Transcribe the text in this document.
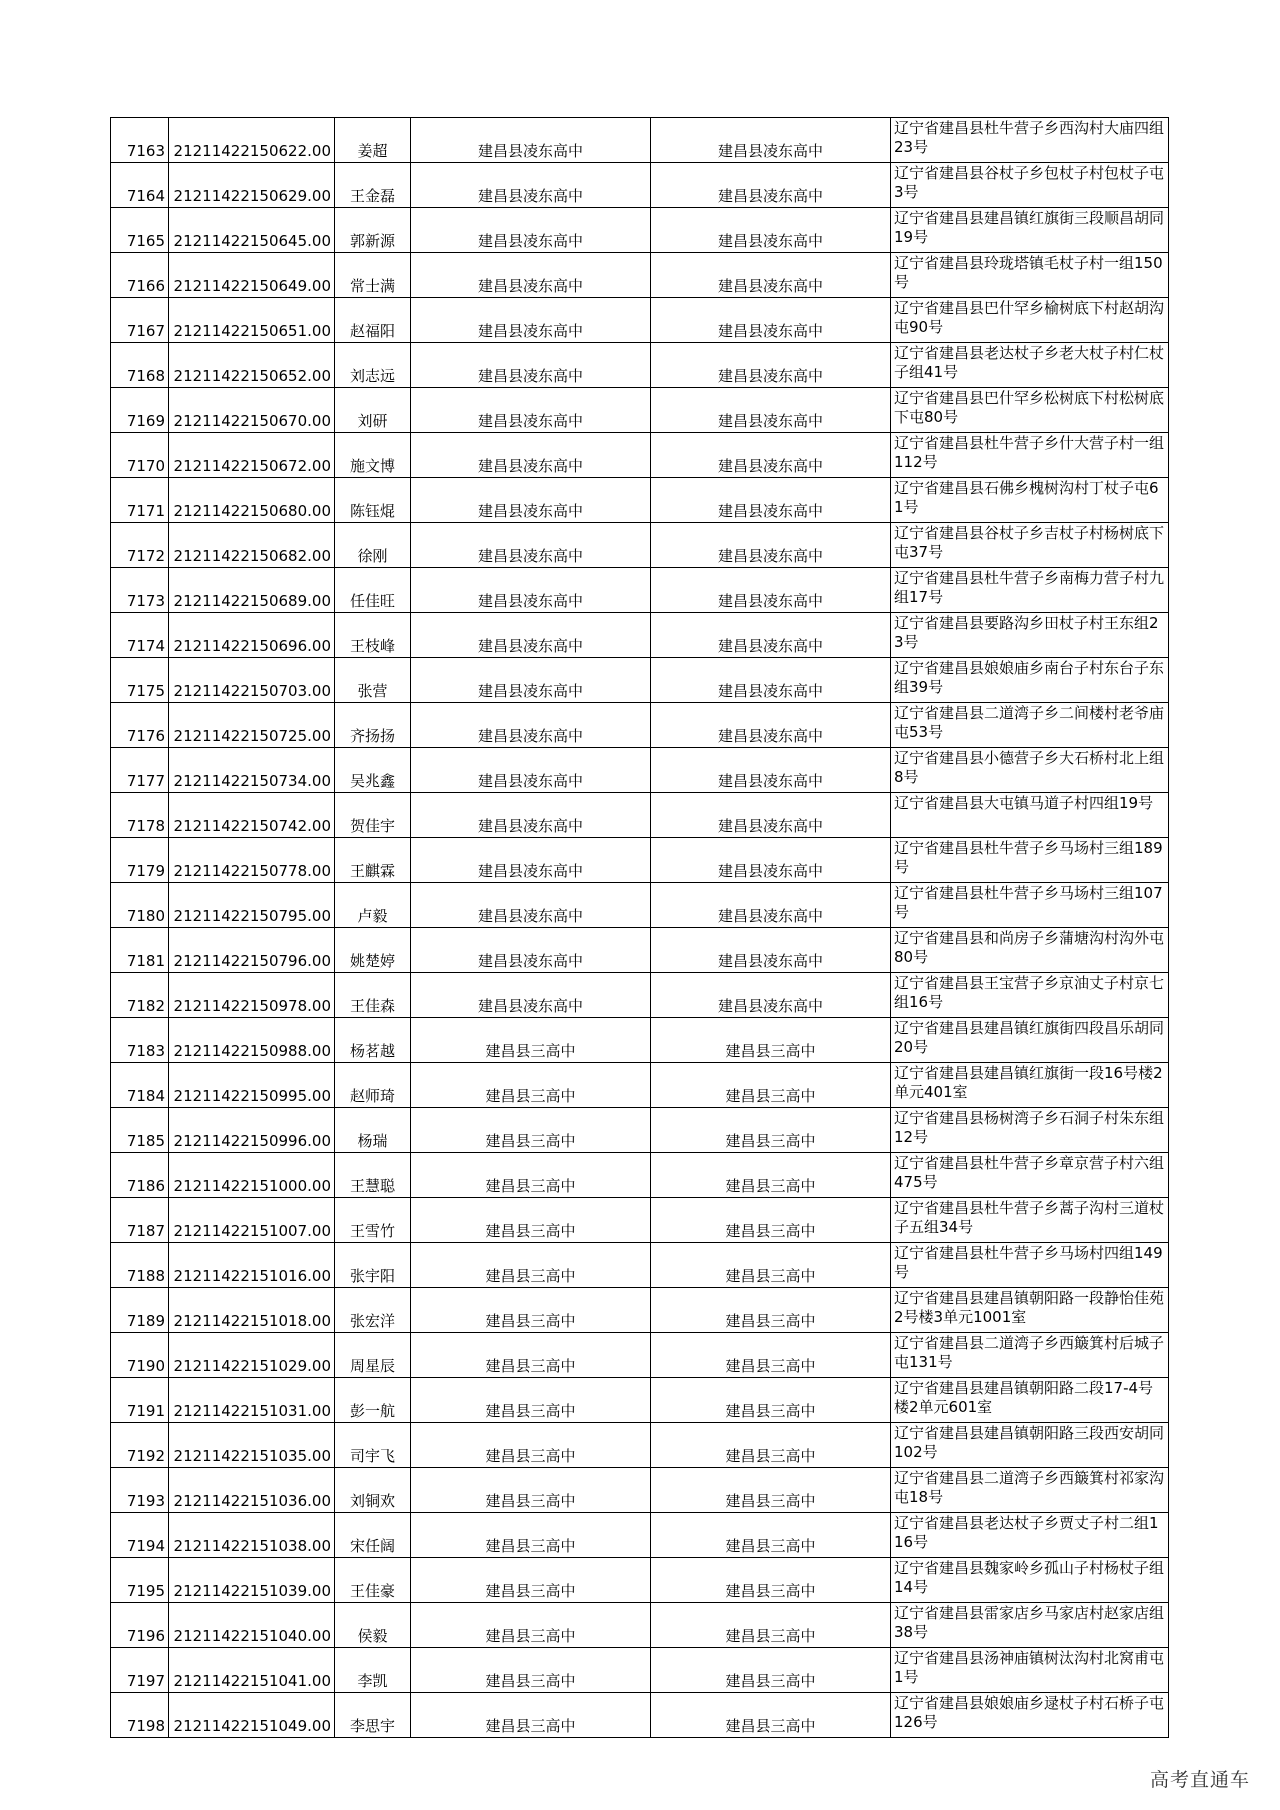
7163	21211422150622.00	姜超	建昌县凌东高中	建昌县凌东高中	辽宁省建昌县杜牛营子乡西沟村大庙四组23号
7164	21211422150629.00	王金磊	建昌县凌东高中	建昌县凌东高中	辽宁省建昌县谷杖子乡包杖子村包杖子屯3号
7165	21211422150645.00	郭新源	建昌县凌东高中	建昌县凌东高中	辽宁省建昌县建昌镇红旗街三段顺昌胡同19号
7166	21211422150649.00	常士满	建昌县凌东高中	建昌县凌东高中	辽宁省建昌县玲珑塔镇毛杖子村一组150号
7167	21211422150651.00	赵福阳	建昌县凌东高中	建昌县凌东高中	辽宁省建昌县巴什罕乡榆树底下村赵胡沟屯90号
7168	21211422150652.00	刘志远	建昌县凌东高中	建昌县凌东高中	辽宁省建昌县老达杖子乡老大杖子村仁杖子组41号
7169	21211422150670.00	刘研	建昌县凌东高中	建昌县凌东高中	辽宁省建昌县巴什罕乡松树底下村松树底下屯80号
7170	21211422150672.00	施文博	建昌县凌东高中	建昌县凌东高中	辽宁省建昌县杜牛营子乡什大营子村一组112号
7171	21211422150680.00	陈钰焜	建昌县凌东高中	建昌县凌东高中	辽宁省建昌县石佛乡槐树沟村丁杖子屯61号
7172	21211422150682.00	徐刚	建昌县凌东高中	建昌县凌东高中	辽宁省建昌县谷杖子乡吉杖子村杨树底下屯37号
7173	21211422150689.00	任佳旺	建昌县凌东高中	建昌县凌东高中	辽宁省建昌县杜牛营子乡南梅力营子村九组17号
7174	21211422150696.00	王枝峰	建昌县凌东高中	建昌县凌东高中	辽宁省建昌县要路沟乡田杖子村王东组23号
7175	21211422150703.00	张营	建昌县凌东高中	建昌县凌东高中	辽宁省建昌县娘娘庙乡南台子村东台子东组39号
7176	21211422150725.00	齐扬扬	建昌县凌东高中	建昌县凌东高中	辽宁省建昌县二道湾子乡二间楼村老爷庙屯53号
7177	21211422150734.00	吴兆鑫	建昌县凌东高中	建昌县凌东高中	辽宁省建昌县小德营子乡大石桥村北上组8号
7178	21211422150742.00	贺佳宇	建昌县凌东高中	建昌县凌东高中	辽宁省建昌县大屯镇马道子村四组19号
7179	21211422150778.00	王麒霖	建昌县凌东高中	建昌县凌东高中	辽宁省建昌县杜牛营子乡马场村三组189号
7180	21211422150795.00	卢毅	建昌县凌东高中	建昌县凌东高中	辽宁省建昌县杜牛营子乡马场村三组107号
7181	21211422150796.00	姚楚婷	建昌县凌东高中	建昌县凌东高中	辽宁省建昌县和尚房子乡蒲塘沟村沟外屯80号
7182	21211422150978.00	王佳森	建昌县凌东高中	建昌县凌东高中	辽宁省建昌县王宝营子乡京油丈子村京七组16号
7183	21211422150988.00	杨茗越	建昌县三高中	建昌县三高中	辽宁省建昌县建昌镇红旗街四段昌乐胡同20号
7184	21211422150995.00	赵师琦	建昌县三高中	建昌县三高中	辽宁省建昌县建昌镇红旗街一段16号楼2单元401室
7185	21211422150996.00	杨瑞	建昌县三高中	建昌县三高中	辽宁省建昌县杨树湾子乡石洞子村朱东组12号
7186	21211422151000.00	王慧聪	建昌县三高中	建昌县三高中	辽宁省建昌县杜牛营子乡章京营子村六组475号
7187	21211422151007.00	王雪竹	建昌县三高中	建昌县三高中	辽宁省建昌县杜牛营子乡蒿子沟村三道杖子五组34号
7188	21211422151016.00	张宇阳	建昌县三高中	建昌县三高中	辽宁省建昌县杜牛营子乡马场村四组149号
7189	21211422151018.00	张宏洋	建昌县三高中	建昌县三高中	辽宁省建昌县建昌镇朝阳路一段静怡佳苑2号楼3单元1001室
7190	21211422151029.00	周星辰	建昌县三高中	建昌县三高中	辽宁省建昌县二道湾子乡西簸箕村后城子屯131号
7191	21211422151031.00	彭一航	建昌县三高中	建昌县三高中	辽宁省建昌县建昌镇朝阳路二段17-4号楼2单元601室
7192	21211422151035.00	司宇飞	建昌县三高中	建昌县三高中	辽宁省建昌县建昌镇朝阳路三段西安胡同102号
7193	21211422151036.00	刘铜欢	建昌县三高中	建昌县三高中	辽宁省建昌县二道湾子乡西簸箕村祁家沟屯18号
7194	21211422151038.00	宋任阔	建昌县三高中	建昌县三高中	辽宁省建昌县老达杖子乡贾丈子村二组116号
7195	21211422151039.00	王佳豪	建昌县三高中	建昌县三高中	辽宁省建昌县魏家岭乡孤山子村杨杖子组14号
7196	21211422151040.00	侯毅	建昌县三高中	建昌县三高中	辽宁省建昌县雷家店乡马家店村赵家店组38号
7197	21211422151041.00	李凯	建昌县三高中	建昌县三高中	辽宁省建昌县汤神庙镇树汰沟村北窝甫屯1号
7198	21211422151049.00	李思宇	建昌县三高中	建昌县三高中	辽宁省建昌县娘娘庙乡逯杖子村石桥子屯126号
高考直通车
